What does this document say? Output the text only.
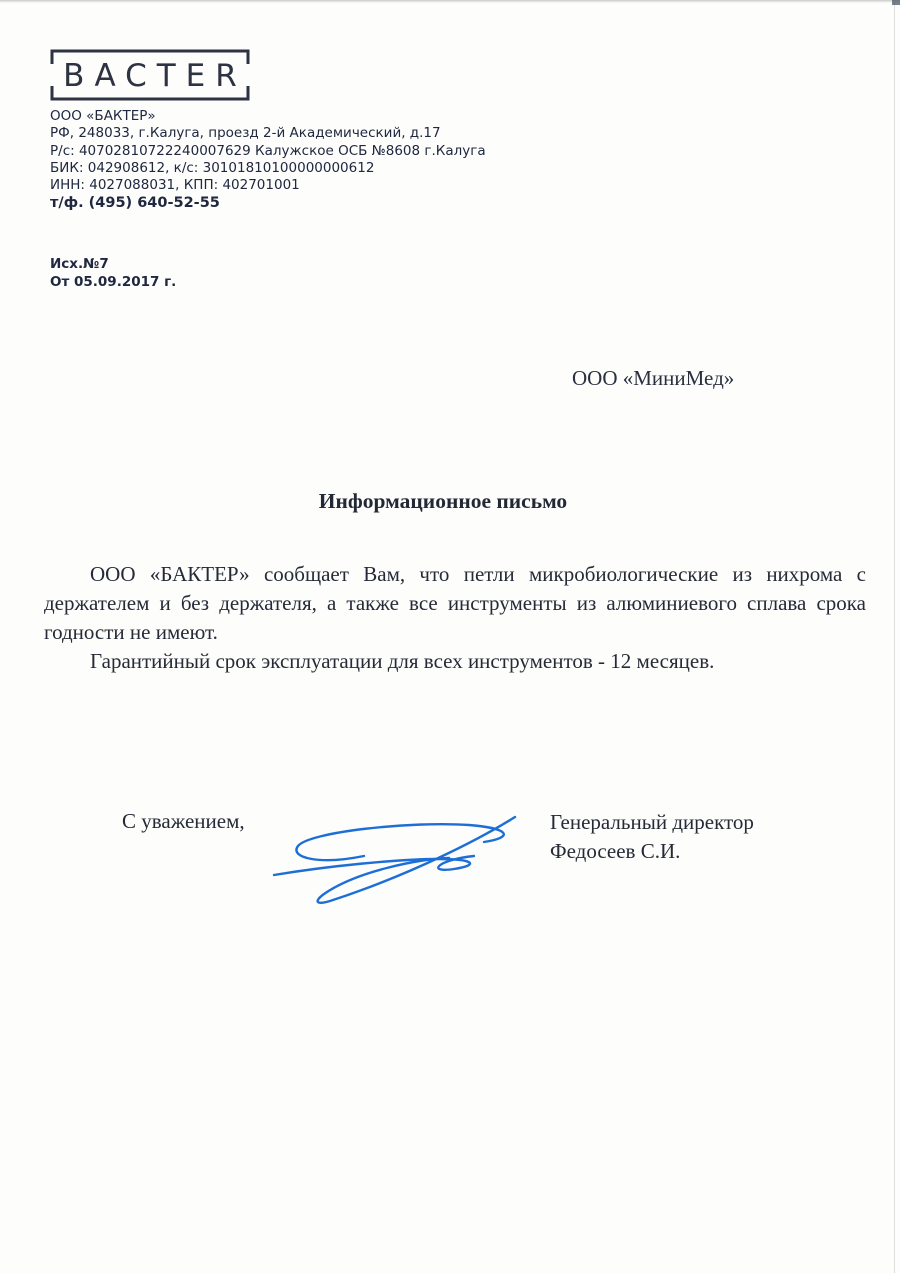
BACTER
ООО «БАКТЕР»
РФ, 248033, г.Калуга, проезд 2-й Академический, д.17
Р/с: 40702810722240007629 Калужское ОСБ №8608 г.Калуга
БИК: 042908612, к/с: 30101810100000000612
ИНН: 4027088031, КПП: 402701001
т/ф. (495) 640-52-55
Исх.№7
От 05.09.2017 г.
ООО «МиниМед»
Информационное письмо

ООО «БАКТЕР» сообщает Вам, что петли микробиологические из нихрома с держателем и без держателя, а также все инструменты из алюминиевого сплава срока годности не имеют.

Гарантийный срок эксплуатации для всех инструментов - 12 месяцев.

С уважением,	Генеральный директор
Федосеев С.И.
